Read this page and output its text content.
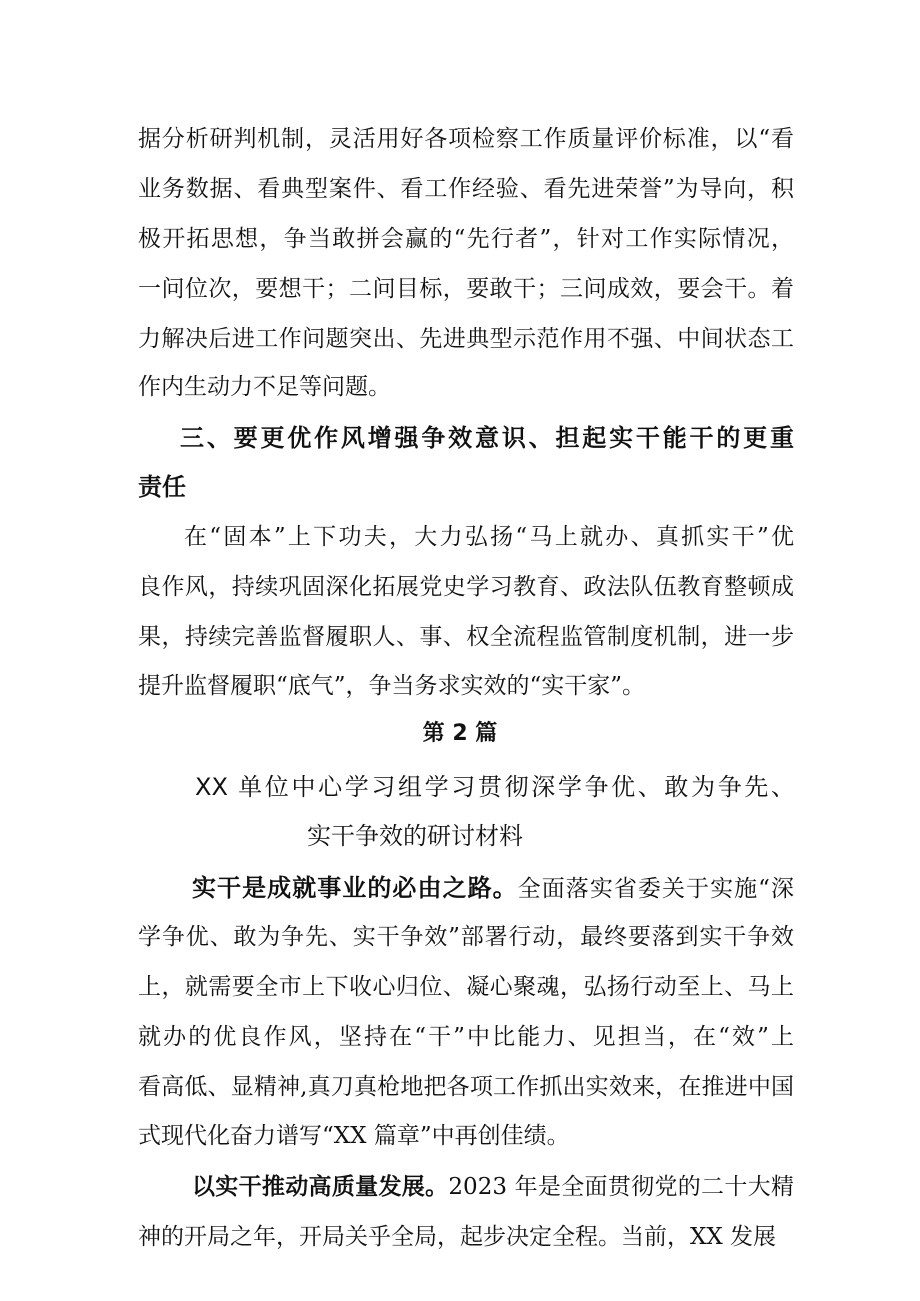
据分析研判机制，灵活用好各项检察工作质量评价标准，以“看
业务数据、看典型案件、看工作经验、看先进荣誉”为导向，积
极开拓思想，争当敢拼会赢的“先行者”，针对工作实际情况，
一问位次，要想干；二问目标，要敢干；三问成效，要会干。着
力解决后进工作问题突出、先进典型示范作用不强、中间状态工
作内生动力不足等问题。
三、要更优作风增强争效意识、担起实干能干的更重
责任
在“固本”上下功夫，大力弘扬“马上就办、真抓实干”优
良作风，持续巩固深化拓展党史学习教育、政法队伍教育整顿成
果，持续完善监督履职人、事、权全流程监管制度机制，进一步
提升监督履职“底气”，争当务求实效的“实干家”。
第 2 篇
XX 单位中心学习组学习贯彻深学争优、敢为争先、
实干争效的研讨材料
实干是成就事业的必由之路。全面落实省委关于实施“深
学争优、敢为争先、实干争效”部署行动，最终要落到实干争效
上，就需要全市上下收心归位、凝心聚魂，弘扬行动至上、马上
就办的优良作风，坚持在“干”中比能力、见担当，在“效”上
看高低、显精神,真刀真枪地把各项工作抓出实效来，在推进中国
式现代化奋力谱写“XX 篇章”中再创佳绩。
以实干推动高质量发展。2023 年是全面贯彻党的二十大精
神的开局之年，开局关乎全局，起步决定全程。当前，XX 发展
